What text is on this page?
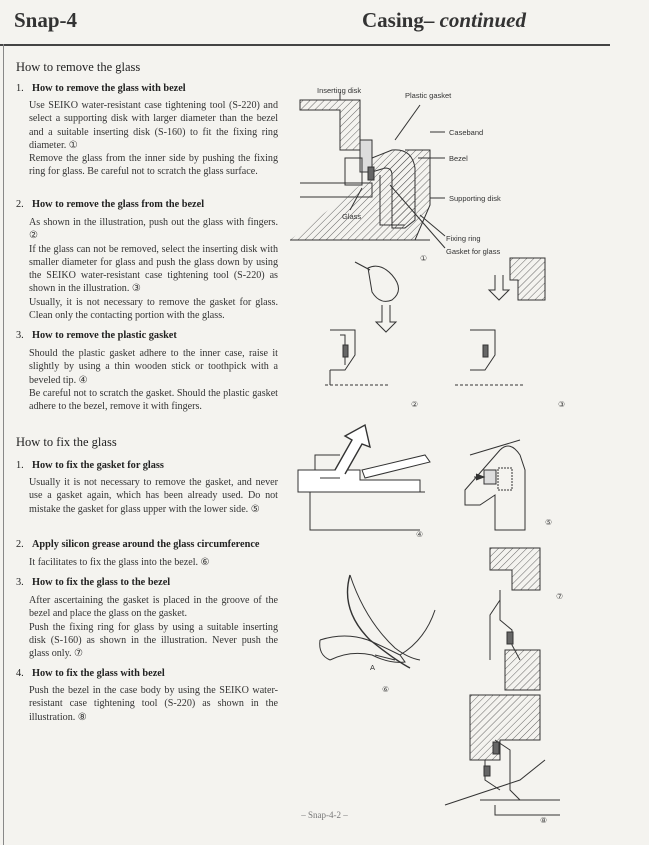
Snap-4	Casing– continued
How to remove the glass
1. How to remove the glass with bezel

Use SEIKO water-resistant case tightening tool (S-220) and select a supporting disk with larger diameter than the bezel and a suitable inserting disk (S-160) to fit the fixing ring diameter. ①

Remove the glass from the inner side by pushing the fixing ring for glass. Be careful not to scratch the glass surface.

2. How to remove the glass from the bezel

As shown in the illustration, push out the glass with fingers. ②

If the glass can not be removed, select the inserting disk with smaller diameter for glass and push the glass down by using the SEIKO water-resistant case tightening tool (S-220) as shown in the illustration. ③

Usually, it is not necessary to remove the gasket for glass. Clean only the contacting portion with the glass.

3. How to remove the plastic gasket

Should the plastic gasket adhere to the inner case, raise it slightly by using a thin wooden stick or toothpick with a beveled tip. ④

Be careful not to scratch the gasket. Should the plastic gasket adhere to the bezel, remove it with fingers.

How to fix the glass
1. How to fix the gasket for glass

Usually it is not necessary to remove the gasket, and never use a gasket again, which has been already used. Do not mistake the gasket for glass upper with the lower side. ⑤

2. Apply silicon grease around the glass circumference

It facilitates to fix the glass into the bezel. ⑥

3. How to fix the glass to the bezel

After ascertaining the gasket is placed in the groove of the bezel and place the glass on the gasket.

Push the fixing ring for glass by using a suitable inserting disk (S-160) as shown in the illustration. Never push the glass only. ⑦

4. How to fix the glass with bezel

Push the bezel in the case body by using the SEIKO water-resistant case tightening tool (S-220) as shown in the illustration. ⑧

Inserting disk
Plastic gasket
Caseband
Bezel
Supporting disk
Glass
Fixing ring
Gasket for glass
①
②	③
④
⑤
A
⑥
⑦
⑧
– Snap-4-2 –
